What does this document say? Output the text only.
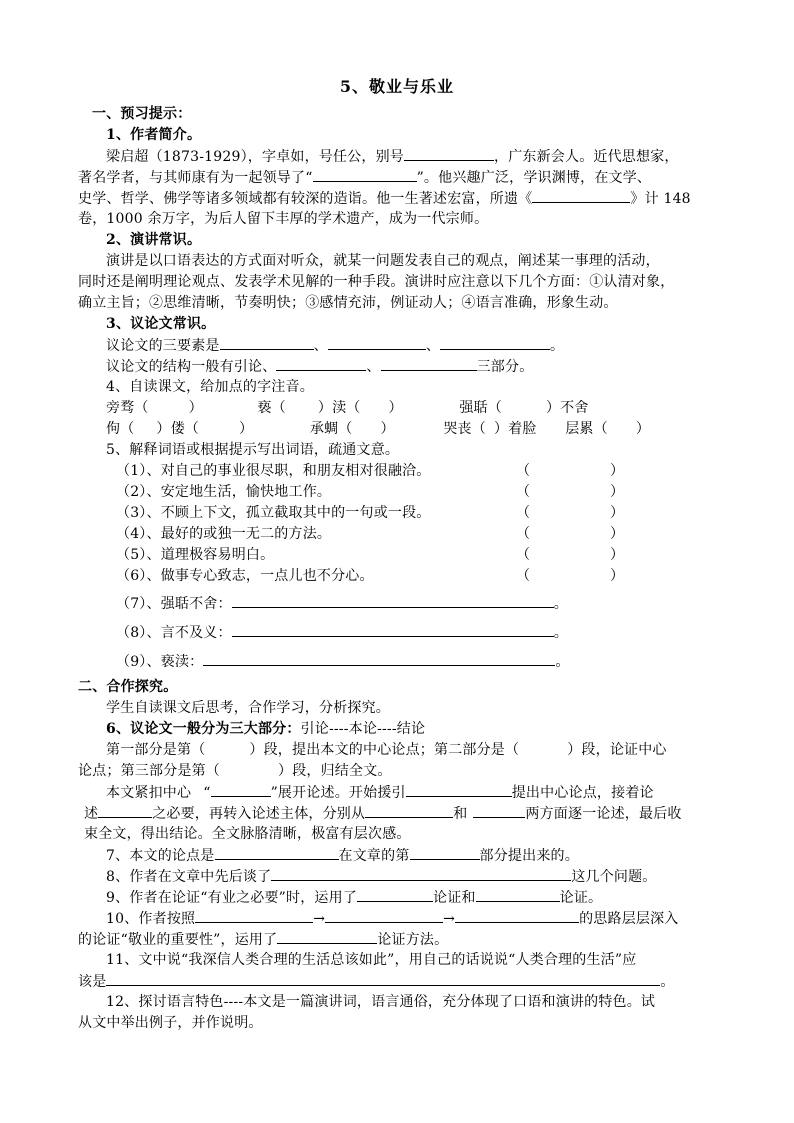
5、敬业与乐业
一、预习提示：
1、作者简介。
梁启超（1873-1929），字卓如，号任公，别号	，广东新会人。近代思想家，
著名学者，与其师康有为一起领导了“	”。他兴趣广泛，学识渊博，在文学、
史学、哲学、佛学等诸多领域都有较深的造诣。他一生著述宏富，所遗《	》计 148
卷，1000 余万字，为后人留下丰厚的学术遗产，成为一代宗师。
2、演讲常识。
演讲是以口语表达的方式面对听众，就某一问题发表自己的观点，阐述某一事理的活动，
同时还是阐明理论观点、发表学术见解的一种手段。演讲时应注意以下几个方面：①认清对象，
确立主旨；②思维清晰，节奏明快；③感情充沛，例证动人；④语言准确，形象生动。
3、议论文常识。
议论文的三要素是	、	、	。
议论文的结构一般有引论、	、	三部分。
4、自读课文，给加点的字注音。
旁骛（	）	亵（ ）渎（ ）	强聒（	）不舍
佝（ ）偻（	）	承蜩（ ）	哭丧（ ）着脸 层累（ ）
5、解释词语或根据提示写出词语，疏通文意。
（1）、对自己的事业很尽职，和朋友相对很融洽。	（	）
（2）、安定地生活，愉快地工作。	（	）
（3）、不顾上下文，孤立截取其中的一句或一段。	（	）
（4）、最好的或独一无二的方法。	（	）
（5）、道理极容易明白。	（	）
（6）、做事专心致志，一点儿也不分心。	（	）
（7）、强聒不舍：	。
（8）、言不及义：	。
（9）、亵渎：	。
二、合作探究。
学生自读课文后思考，合作学习，分析探究。
6、议论文一般分为三大部分：引论----本论----结论
第一部分是第（	）段，提出本文的中心论点；第二部分是（	）段，论证中心
论点；第三部分是第（	）段，归结全文。
本文紧扣中心 “	”展开论述。开始援引	提出中心论点，接着论
述	之必要，再转入论述主体，分别从	和	两方面逐一论述，最后收
束全文，得出结论。全文脉胳清晰，极富有层次感。
7、本文的论点是	在文章的第	部分提出来的。
8、作者在文章中先后谈了	这几个问题。
9、作者在论证“有业之必要”时，运用了	论证和	论证。
10、作者按照	→	→	的思路层层深入
的论证“敬业的重要性”，运用了	论证方法。
11、文中说“我深信人类合理的生活总该如此”，用自己的话说说“人类合理的生活”应
该是	。
12、探讨语言特色----本文是一篇演讲词，语言通俗，充分体现了口语和演讲的特色。试
从文中举出例子，并作说明。
